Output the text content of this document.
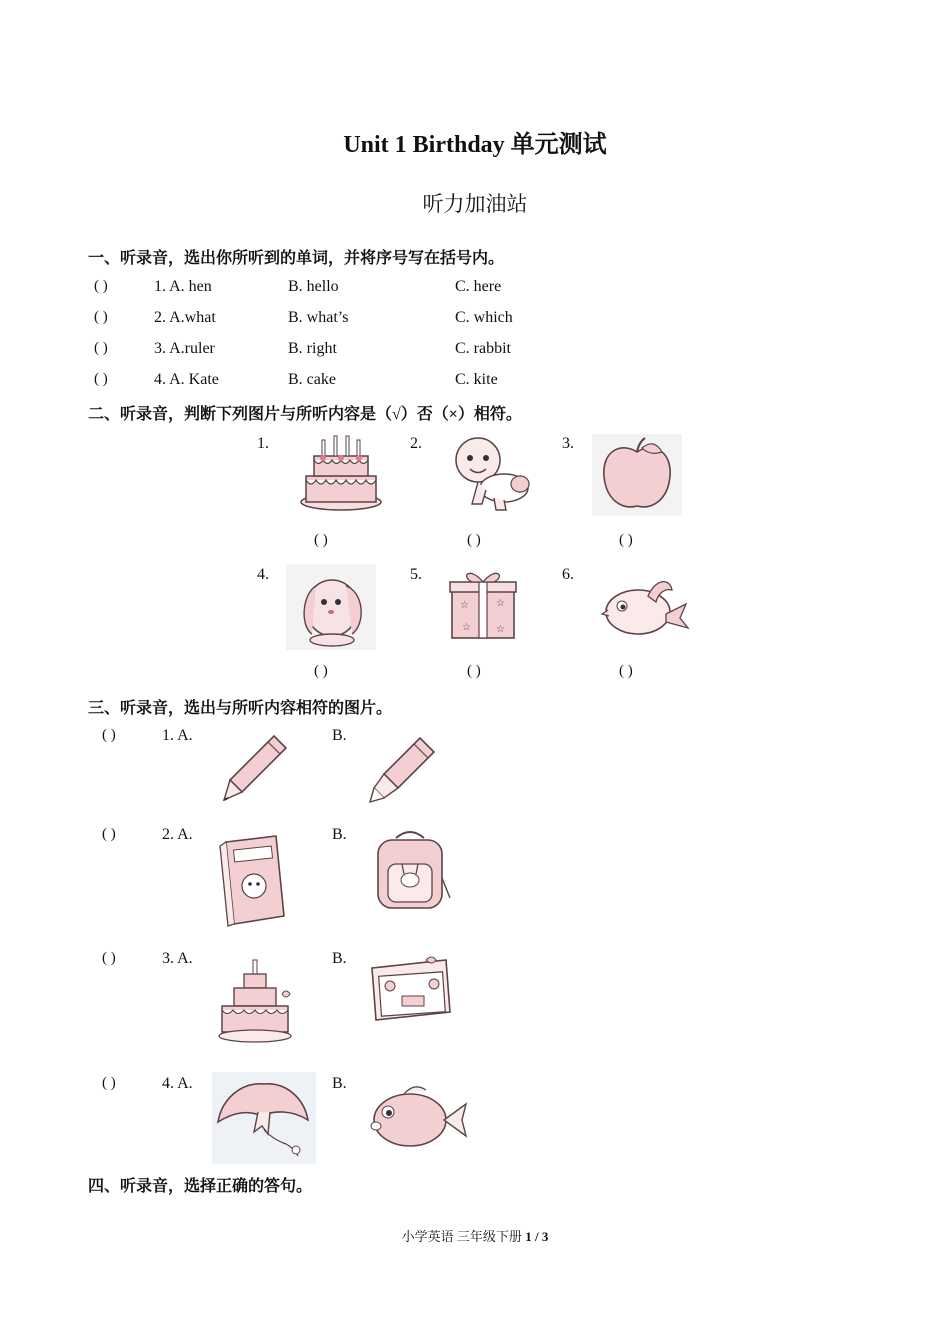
Unit 1 Birthday 单元测试
听力加油站
一、听录音，选出你所听到的单词，并将序号写在括号内。
( )	1. A. hen	B. hello	C. here
( )	2. A.what	B. what’s	C. which
( )	3. A.ruler	B. right	C. rabbit
( )	4. A. Kate	B. cake	C. kite
二、听录音，判断下列图片与所听内容是（√）否（×）相符。
1.
( )
2.
( )
3.
( )
4.
( )
5.
☆	☆
☆	☆
( )
6.
( )
三、听录音，选出与所听内容相符的图片。
( )	1. A.	B.
( )	2. A.	B.
( )	3. A.	B.
( )	4. A.	B.
四、听录音，选择正确的答句。
小学英语 三年级下册 1 / 3
